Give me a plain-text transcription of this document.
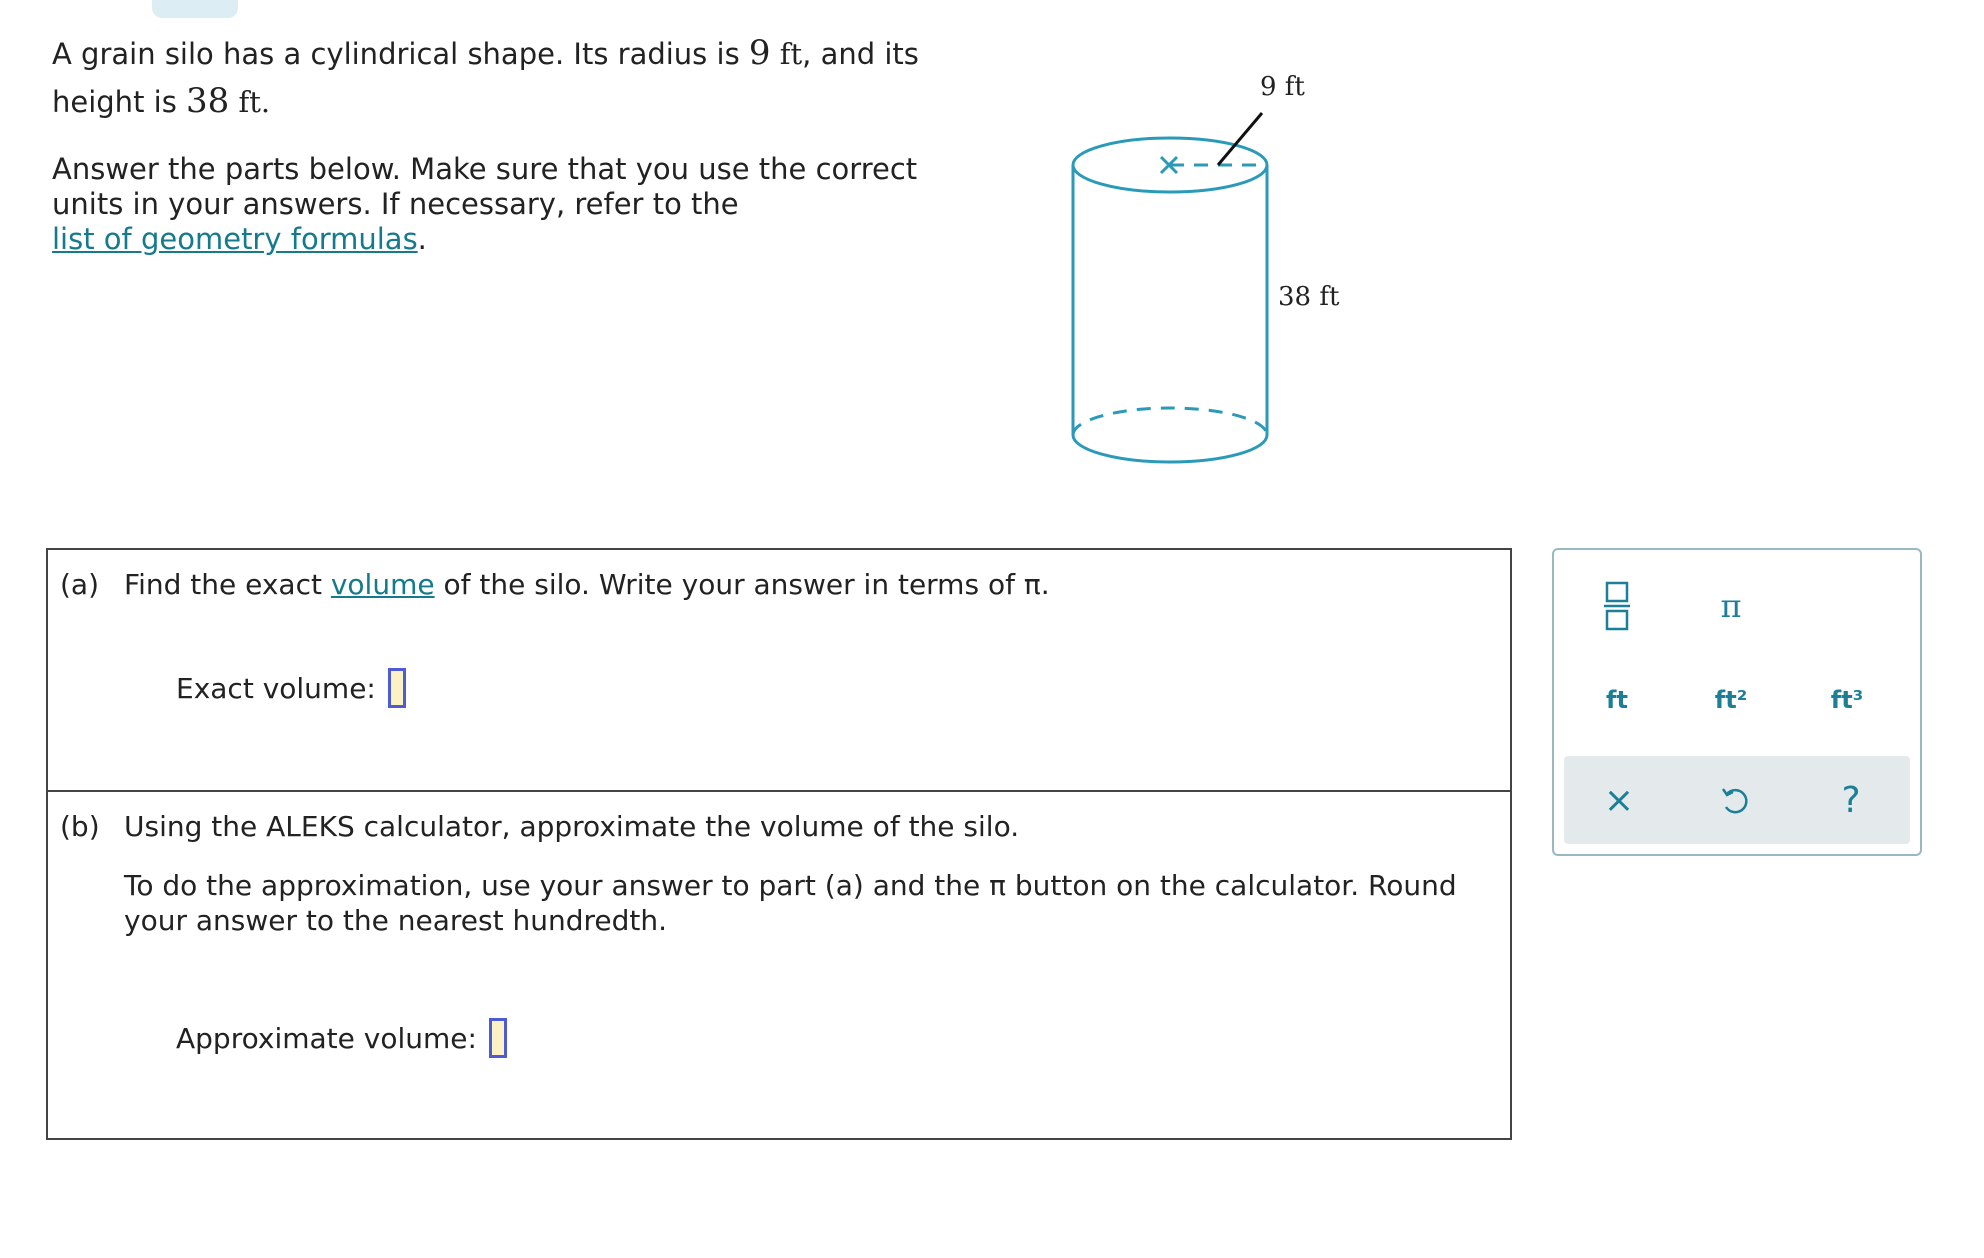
A grain silo has a cylindrical shape. Its radius is 9 ft, and its
height is 38 ft.
Answer the parts below. Make sure that you use the correct
units in your answers. If necessary, refer to the
list of geometry formulas.
9 ft
38 ft
(a) Find the exact volume of the silo. Write your answer in terms of π.
Exact volume:
(b) Using the ALEKS calculator, approximate the volume of the silo.
To do the approximation, use your answer to part (a) and the π button on the calculator. Round
your answer to the nearest hundredth.
Approximate volume:
π
ft	ft²	ft³
×	?
